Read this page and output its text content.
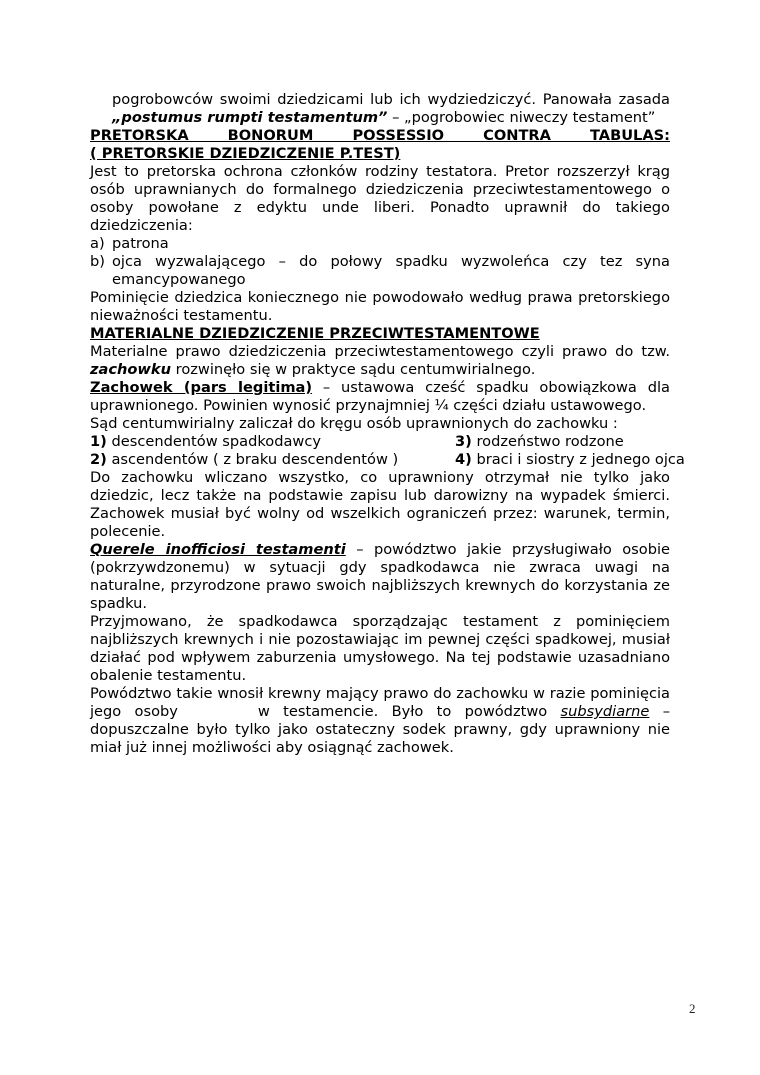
pogrobowców swoimi dziedzicami lub ich wydziedziczyć. Panowała zasada „postumus rumpti testamentum” – „pogrobowiec niweczy testament”

PRETORSKA BONORUM POSSESSIO CONTRA TABULAS:

( PRETORSKIE DZIEDZICZENIE P.TEST)

Jest to pretorska ochrona członków rodziny testatora. Pretor rozszerzył krąg osób uprawnianych do formalnego dziedziczenia przeciwtestamentowego o osoby powołane z edyktu unde liberi. Ponadto uprawnił do takiego dziedziczenia:

a) patrona
b) ojca wyzwalającego – do połowy spadku wyzwoleńca czy tez syna emancypowanego

Pominięcie dziedzica koniecznego nie powodowało według prawa pretorskiego nieważności testamentu.

MATERIALNE DZIEDZICZENIE PRZECIWTESTAMENTOWE

Materialne prawo dziedziczenia przeciwtestamentowego czyli prawo do tzw. zachowku rozwinęło się w praktyce sądu centumwirialnego.

Zachowek (pars legitima) – ustawowa cześć spadku obowiązkowa dla uprawnionego. Powinien wynosić przynajmniej ¼ części działu ustawowego.

Sąd centumwirialny zaliczał do kręgu osób uprawnionych do zachowku :

1) descendentów spadkodawcy	3) rodzeństwo rodzone
2) ascendentów ( z braku descendentów )	4) braci i siostry z jednego ojca

Do zachowku wliczano wszystko, co uprawniony otrzymał nie tylko jako dziedzic, lecz także na podstawie zapisu lub darowizny na wypadek śmierci. Zachowek musiał być wolny od wszelkich ograniczeń przez: warunek, termin, polecenie.

Querele inofficiosi testamenti – powództwo jakie przysługiwało osobie (pokrzywdzonemu) w sytuacji gdy spadkodawca nie zwraca uwagi na naturalne, przyrodzone prawo swoich najbliższych krewnych do korzystania ze spadku.

Przyjmowano, że spadkodawca sporządzając testament z pominięciem najbliższych krewnych i nie pozostawiając im pewnej części spadkowej, musiał działać pod wpływem zaburzenia umysłowego. Na tej podstawie uzasadniano obalenie testamentu.

Powództwo takie wnosił krewny mający prawo do zachowku w razie pominięcia jego osoby	w testamencie. Było to powództwo subsydiarne – dopuszczalne było tylko jako ostateczny sodek prawny, gdy uprawniony nie miał już innej możliwości aby osiągnąć zachowek.

2
